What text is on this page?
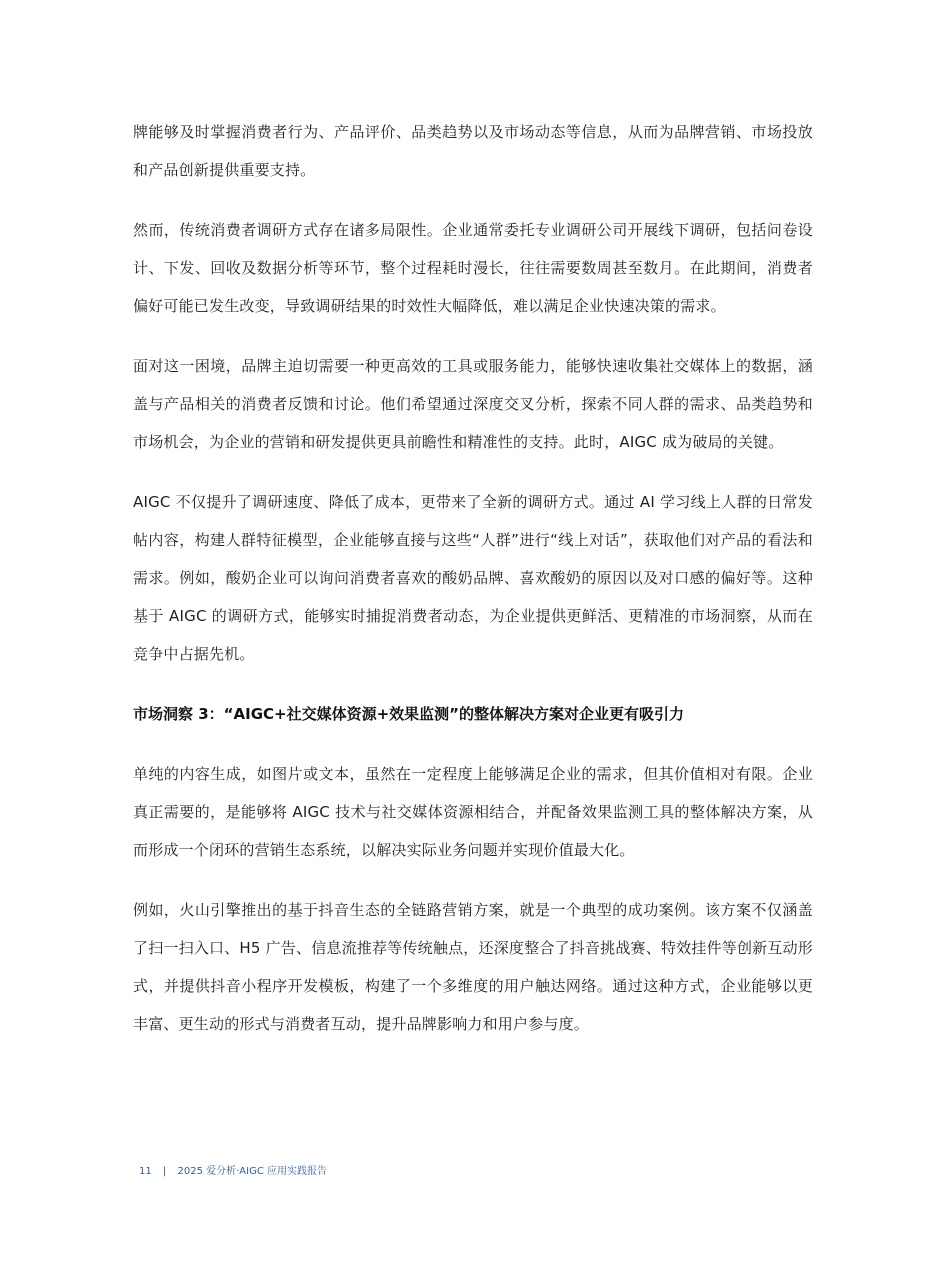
牌能够及时掌握消费者行为、产品评价、品类趋势以及市场动态等信息，从而为品牌营销、市场投放和产品创新提供重要支持。

然而，传统消费者调研方式存在诸多局限性。企业通常委托专业调研公司开展线下调研，包括问卷设计、下发、回收及数据分析等环节，整个过程耗时漫长，往往需要数周甚至数月。在此期间，消费者偏好可能已发生改变，导致调研结果的时效性大幅降低，难以满足企业快速决策的需求。

面对这一困境，品牌主迫切需要一种更高效的工具或服务能力，能够快速收集社交媒体上的数据，涵盖与产品相关的消费者反馈和讨论。他们希望通过深度交叉分析，探索不同人群的需求、品类趋势和市场机会，为企业的营销和研发提供更具前瞻性和精准性的支持。此时，AIGC 成为破局的关键。

AIGC 不仅提升了调研速度、降低了成本，更带来了全新的调研方式。通过 AI 学习线上人群的日常发帖内容，构建人群特征模型，企业能够直接与这些“人群”进行“线上对话”，获取他们对产品的看法和需求。例如，酸奶企业可以询问消费者喜欢的酸奶品牌、喜欢酸奶的原因以及对口感的偏好等。这种基于 AIGC 的调研方式，能够实时捕捉消费者动态，为企业提供更鲜活、更精准的市场洞察，从而在竞争中占据先机。

市场洞察 3：“AIGC+社交媒体资源+效果监测”的整体解决方案对企业更有吸引力

单纯的内容生成，如图片或文本，虽然在一定程度上能够满足企业的需求，但其价值相对有限。企业真正需要的，是能够将 AIGC 技术与社交媒体资源相结合，并配备效果监测工具的整体解决方案，从而形成一个闭环的营销生态系统，以解决实际业务问题并实现价值最大化。

例如，火山引擎推出的基于抖音生态的全链路营销方案，就是一个典型的成功案例。该方案不仅涵盖了扫一扫入口、H5 广告、信息流推荐等传统触点，还深度整合了抖音挑战赛、特效挂件等创新互动形式，并提供抖音小程序开发模板，构建了一个多维度的用户触达网络。通过这种方式，企业能够以更丰富、更生动的形式与消费者互动，提升品牌影响力和用户参与度。

11 | 2025 爱分析·AIGC 应用实践报告
